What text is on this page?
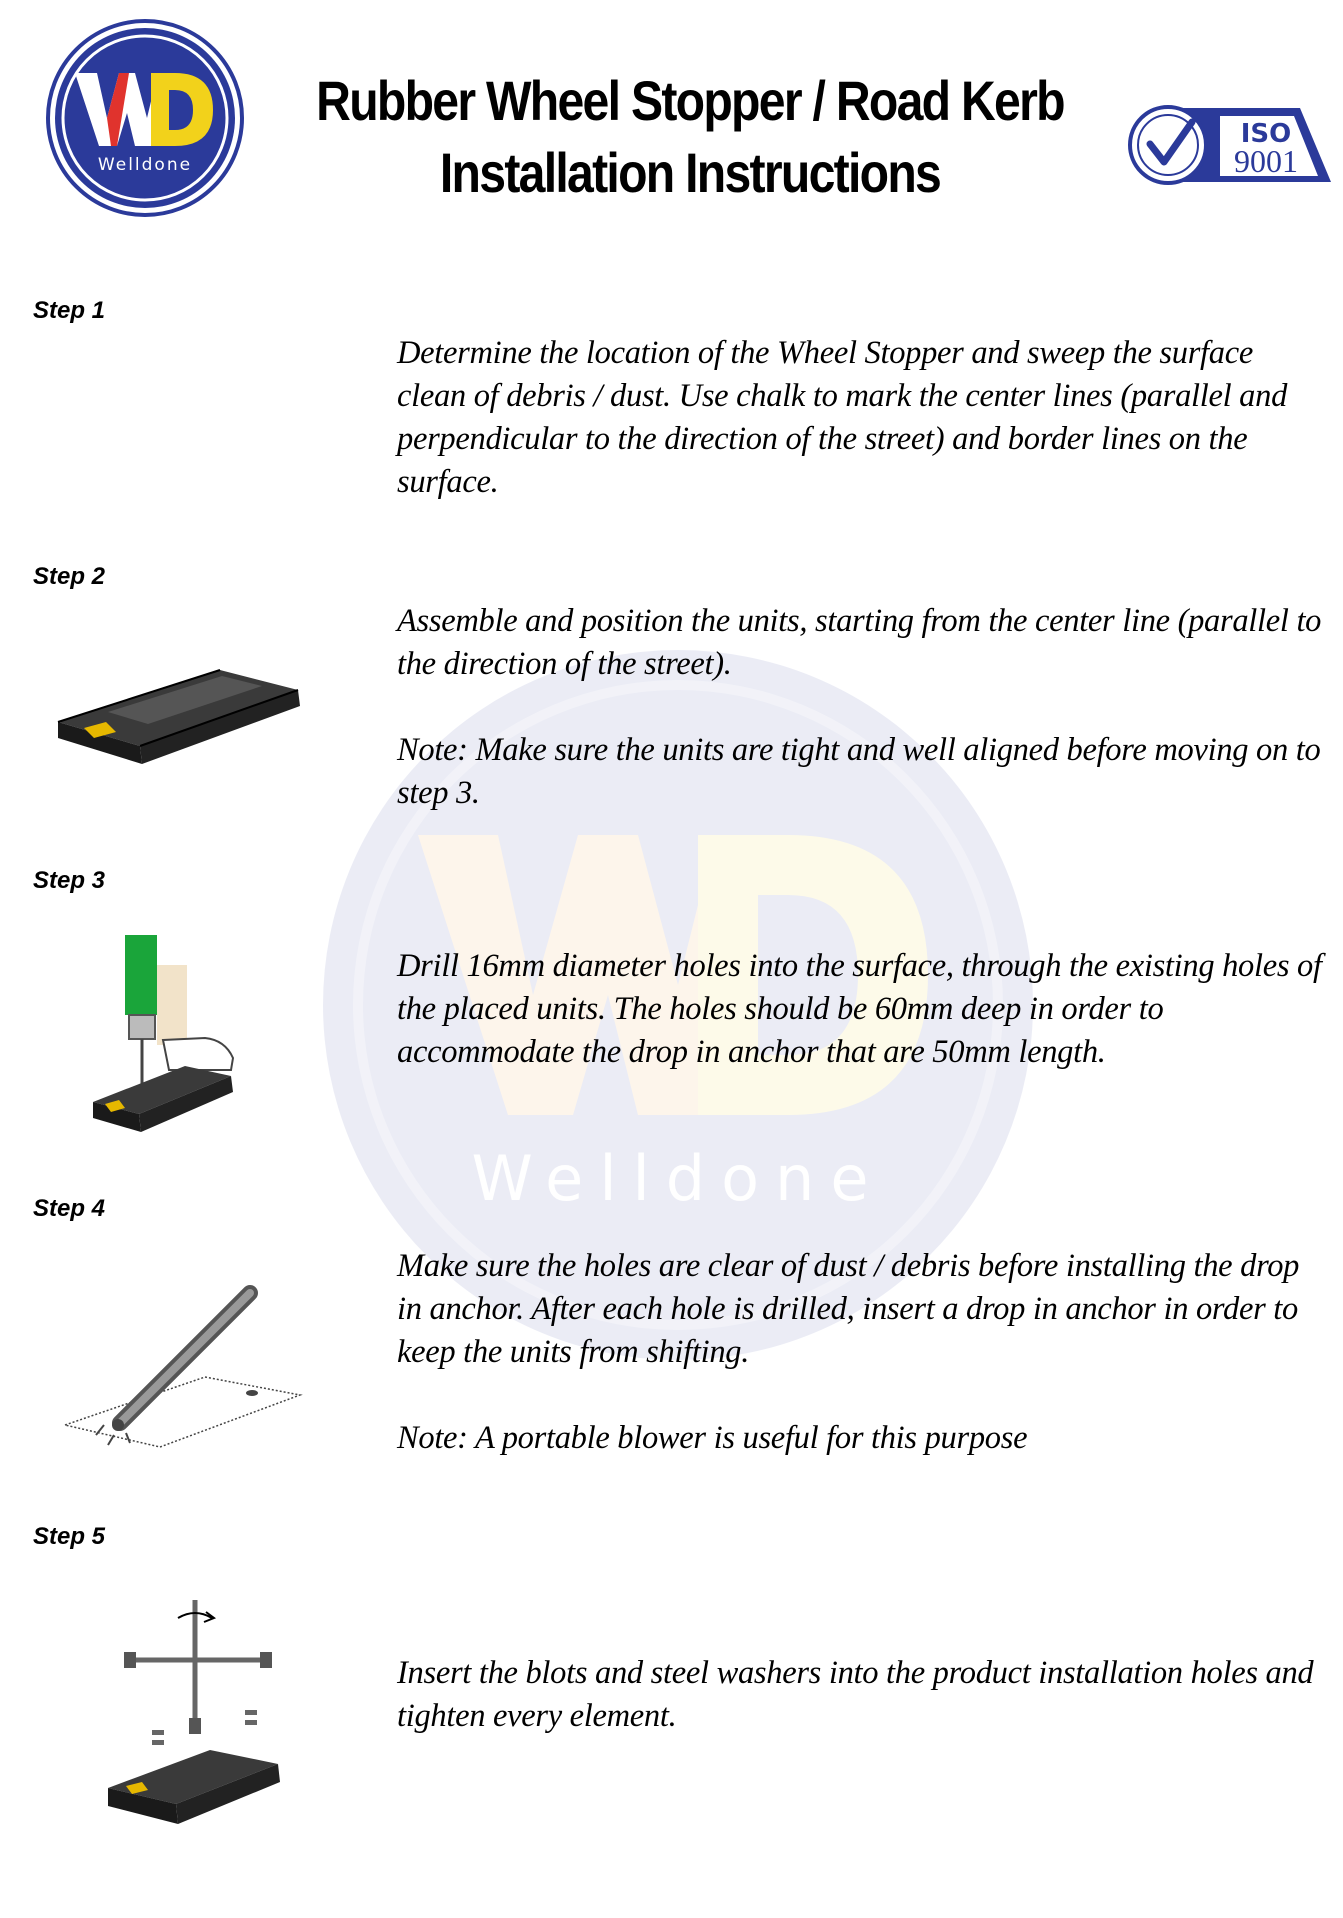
Welldone
Rubber Wheel Stopper / Road Kerb
Installation Instructions
ISO
9001
Welldone
Step 1

Determine the location of the Wheel Stopper and sweep the surface clean of debris / dust. Use chalk to mark the center lines (parallel and perpendicular to the direction of the street) and border lines on the surface.

Step 2

Assemble and position the units, starting from the center line (parallel to the direction of the street).

Note: Make sure the units are tight and well aligned before moving on to step 3.

Step 3

Drill 16mm diameter holes into the surface, through the existing holes of the placed units. The holes should be 60mm deep in order to accommodate the drop in anchor that are 50mm length.

Step 4

Make sure the holes are clear of dust / debris before installing the drop in anchor. After each hole is drilled, insert a drop in anchor in order to keep the units from shifting.

Note: A portable blower is useful for this purpose

Step 5

Insert the blots and steel washers into the product installation holes and tighten every element.
